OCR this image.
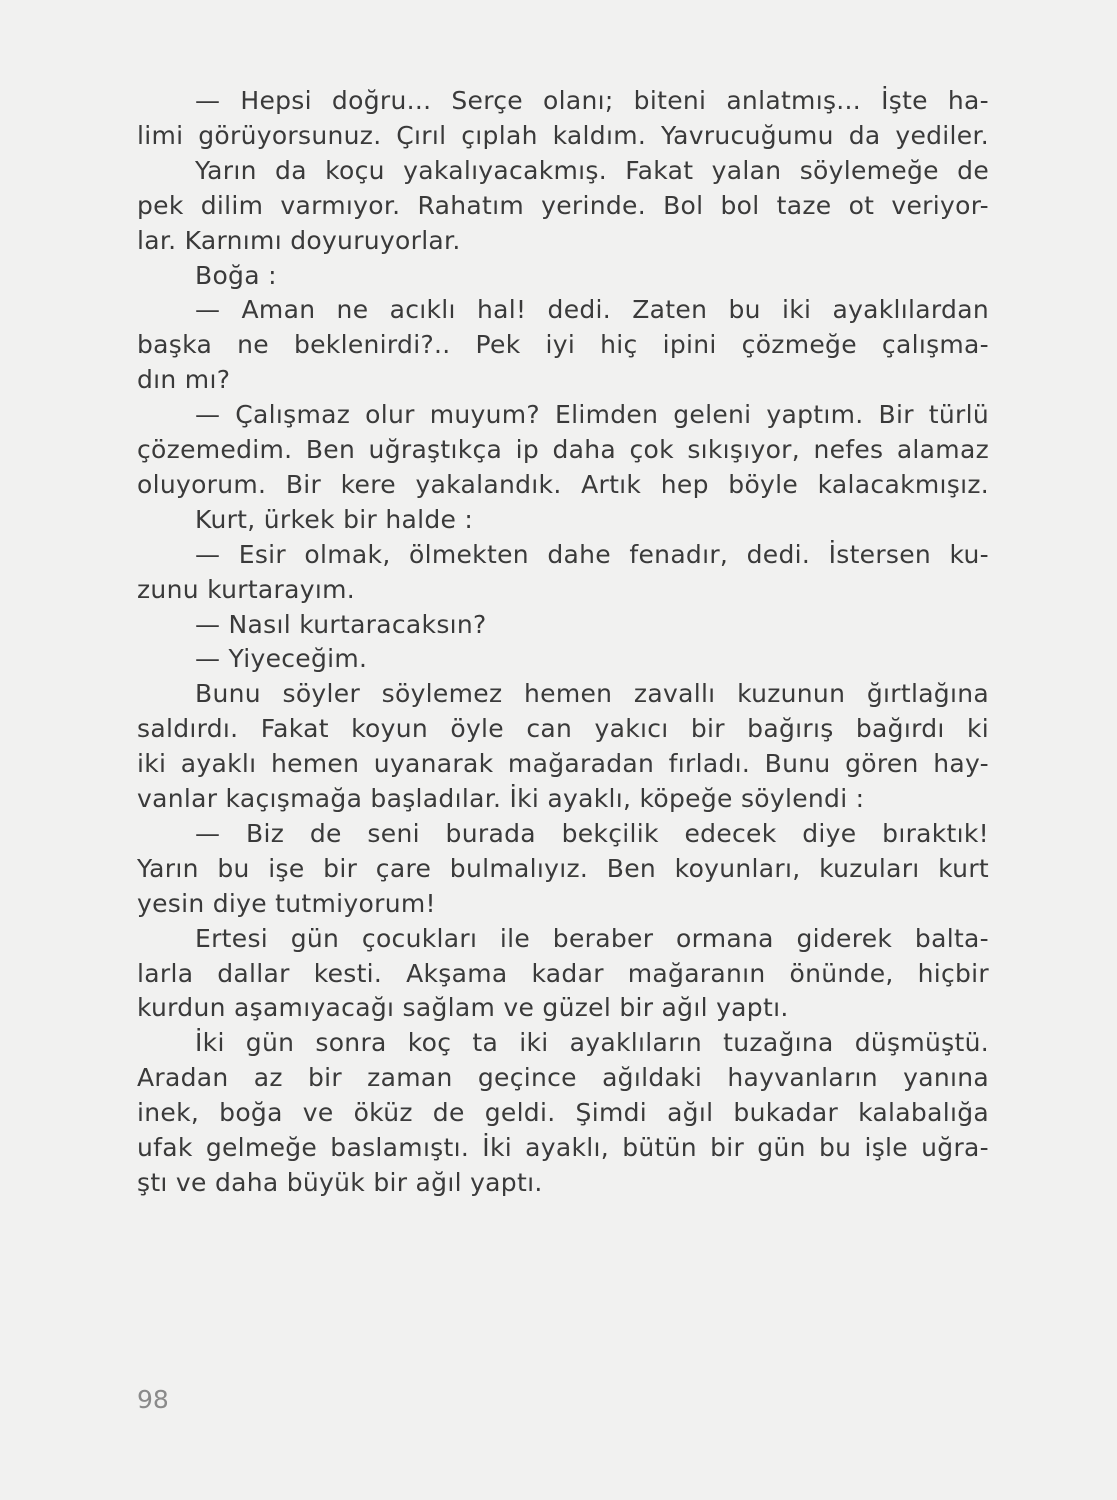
— Hepsi doğru... Serçe olanı; biteni anlatmış... İşte ha-
limi görüyorsunuz. Çırıl çıplah kaldım. Yavrucuğumu da yediler.
Yarın da koçu yakalıyacakmış. Fakat yalan söylemeğe de
pek dilim varmıyor. Rahatım yerinde. Bol bol taze ot veriyor-
lar. Karnımı doyuruyorlar.
Boğa :
— Aman ne acıklı hal! dedi. Zaten bu iki ayaklılardan
başka ne beklenirdi?.. Pek iyi hiç ipini çözmeğe çalışma-
dın mı?
— Çalışmaz olur muyum? Elimden geleni yaptım. Bir türlü
çözemedim. Ben uğraştıkça ip daha çok sıkışıyor, nefes alamaz
oluyorum. Bir kere yakalandık. Artık hep böyle kalacakmışız.
Kurt, ürkek bir halde :
— Esir olmak, ölmekten dahe fenadır, dedi. İstersen ku-
zunu kurtarayım.
— Nasıl kurtaracaksın?
— Yiyeceğim.
Bunu söyler söylemez hemen zavallı kuzunun ğırtlağına
saldırdı. Fakat koyun öyle can yakıcı bir bağırış bağırdı ki
iki ayaklı hemen uyanarak mağaradan fırladı. Bunu gören hay-
vanlar kaçışmağa başladılar. İki ayaklı, köpeğe söylendi :
— Biz de seni burada bekçilik edecek diye bıraktık!
Yarın bu işe bir çare bulmalıyız. Ben koyunları, kuzuları kurt
yesin diye tutmiyorum!
Ertesi gün çocukları ile beraber ormana giderek balta-
larla dallar kesti. Akşama kadar mağaranın önünde, hiçbir
kurdun aşamıyacağı sağlam ve güzel bir ağıl yaptı.
İki gün sonra koç ta iki ayaklıların tuzağına düşmüştü.
Aradan az bir zaman geçince ağıldaki hayvanların yanına
inek, boğa ve öküz de geldi. Şimdi ağıl bukadar kalabalığa
ufak gelmeğe baslamıştı. İki ayaklı, bütün bir gün bu işle uğra-
ştı ve daha büyük bir ağıl yaptı.
98
